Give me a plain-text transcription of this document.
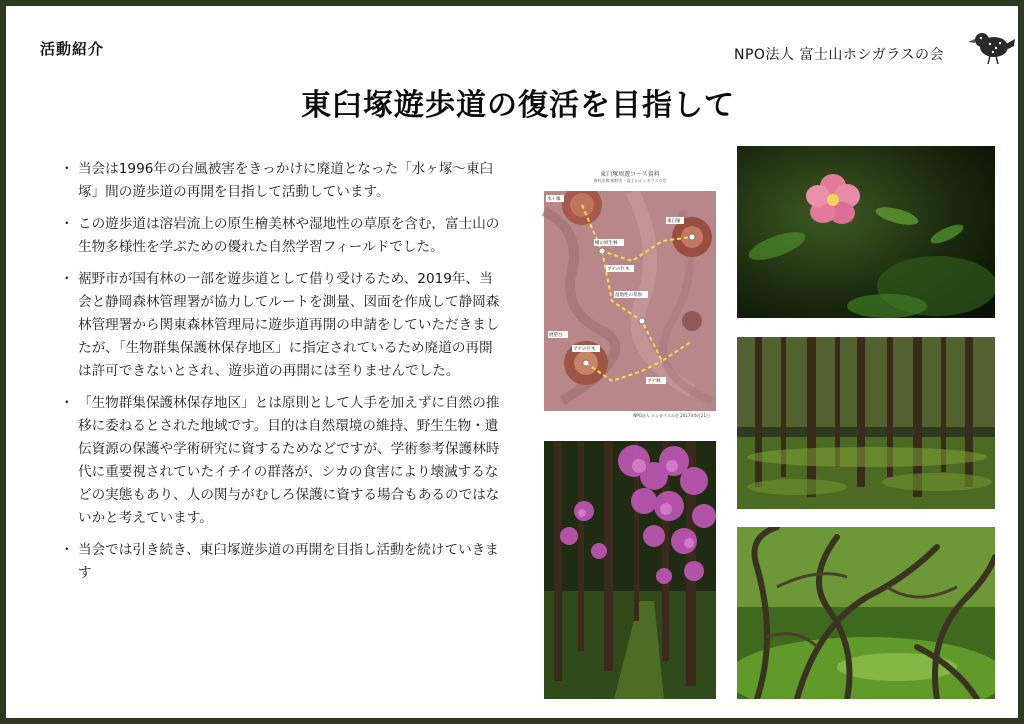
活動紹介	NPO法人 富士山ホシガラスの会
東臼塚遊歩道の復活を目指して
・ 当会は1996年の台風被害をきっかけに廃道となった「水ヶ塚〜東臼塚」間の遊歩道の再開を目指して活動しています。
・ この遊歩道は溶岩流上の原生檜美林や湿地性の草原を含む，富士山の生物多様性を学ぶための優れた自然学習フィールドでした。
・ 裾野市が国有林の一部を遊歩道として借り受けるため、2019年、当会と静岡森林管理署が協力してルートを測量、図面を作成して静岡森林管理署から関東森林管理局に遊歩道再開の申請をしていただきましたが、「生物群集保護林保存地区」に指定されているため廃道の再開は許可できないとされ、遊歩道の再開には至りませんでした。
・ 「生物群集保護林保存地区」とは原則として人手を加えずに自然の推移に委ねるとされた地域です。目的は自然環境の維持、野生生物・遺伝資源の保護や学術研究に資するためなどですが、学術参考保護林時代に重要視されていたイチイの群落が、シカの食害により壊滅するなどの実態もあり、人の関与がむしろ保護に資する場合もあるのではないかと考えています。
・ 当会では引き続き、東臼塚遊歩道の再開を目指し活動を続けていきます
東臼塚周遊コース資料
資料出典:裾野市・富士山ホシガラスの会
水ヶ塚
東臼塚
ブナの巨木
湿地性の草原
檜の原生林
ブナの巨木
ブナ林
展望台
NPO法人 ホシガラスの会 2017年6月21日
